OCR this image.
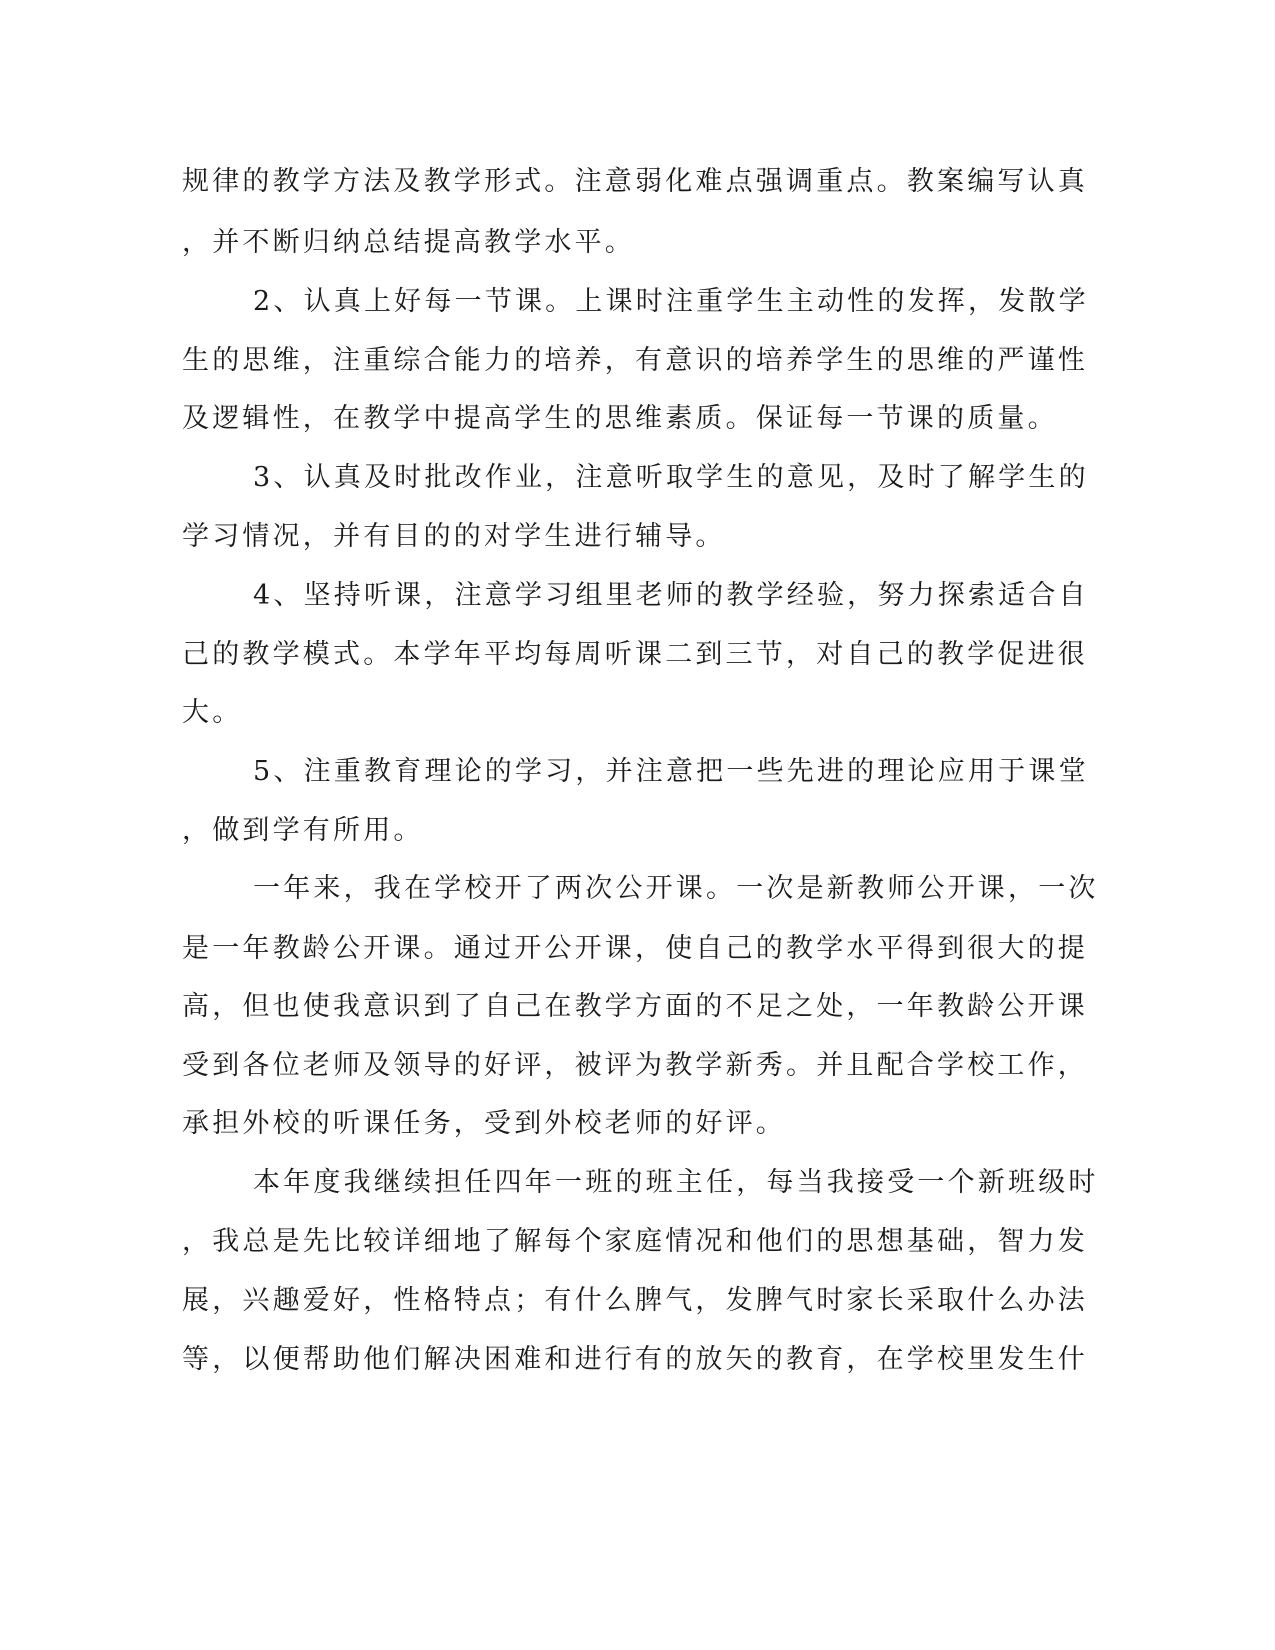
规律的教学方法及教学形式。注意弱化难点强调重点。教案编写认真
，并不断归纳总结提高教学水平。
2、认真上好每一节课。上课时注重学生主动性的发挥，发散学
生的思维，注重综合能力的培养，有意识的培养学生的思维的严谨性
及逻辑性，在教学中提高学生的思维素质。保证每一节课的质量。
3、认真及时批改作业，注意听取学生的意见，及时了解学生的
学习情况，并有目的的对学生进行辅导。
4、坚持听课，注意学习组里老师的教学经验，努力探索适合自
己的教学模式。本学年平均每周听课二到三节，对自己的教学促进很
大。
5、注重教育理论的学习，并注意把一些先进的理论应用于课堂
，做到学有所用。
一年来，我在学校开了两次公开课。一次是新教师公开课，一次
是一年教龄公开课。通过开公开课，使自己的教学水平得到很大的提
高，但也使我意识到了自己在教学方面的不足之处，一年教龄公开课
受到各位老师及领导的好评，被评为教学新秀。并且配合学校工作，
承担外校的听课任务，受到外校老师的好评。
本年度我继续担任四年一班的班主任，每当我接受一个新班级时
，我总是先比较详细地了解每个家庭情况和他们的思想基础，智力发
展，兴趣爱好，性格特点；有什么脾气，发脾气时家长采取什么办法
等，以便帮助他们解决困难和进行有的放矢的教育，在学校里发生什
